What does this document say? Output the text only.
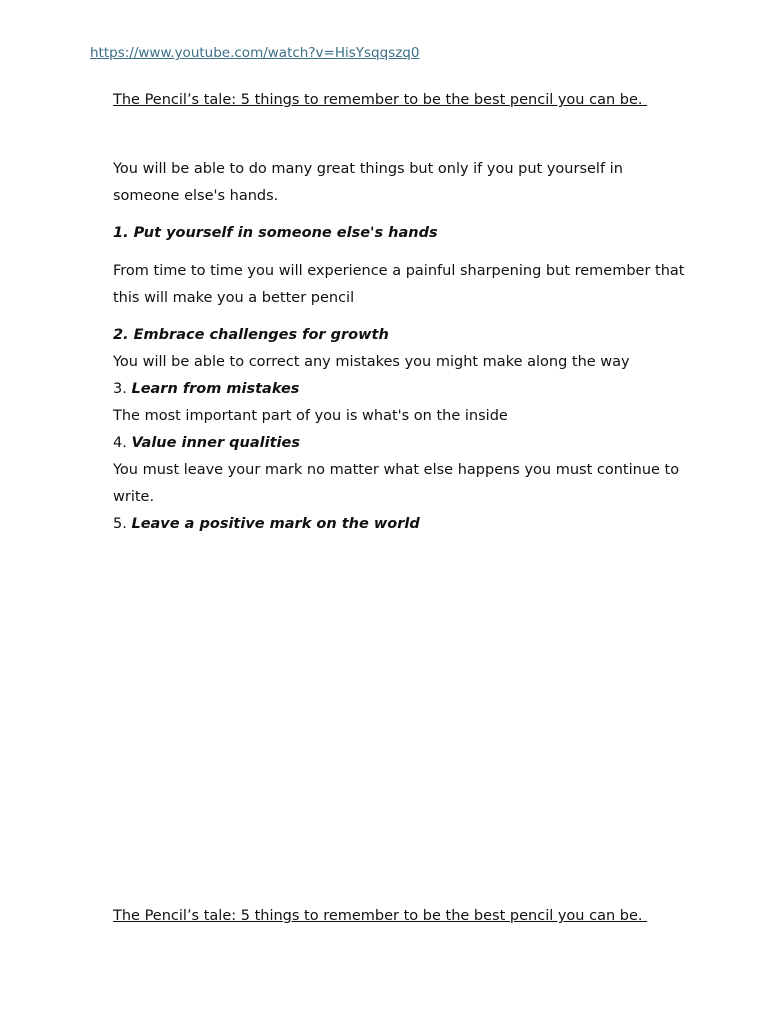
https://www.youtube.com/watch?v=HisYsqqszq0
The Pencil’s tale: 5 things to remember to be the best pencil you can be.

You will be able to do many great things but only if you put yourself in someone else's hands.

1. Put yourself in someone else's hands

From time to time you will experience a painful sharpening but remember that this will make you a better pencil

2. Embrace challenges for growth

You will be able to correct any mistakes you might make along the way

3. Learn from mistakes

The most important part of you is what's on the inside

4. Value inner qualities

You must leave your mark no matter what else happens you must continue to write.

5. Leave a positive mark on the world

The Pencil’s tale: 5 things to remember to be the best pencil you can be.
